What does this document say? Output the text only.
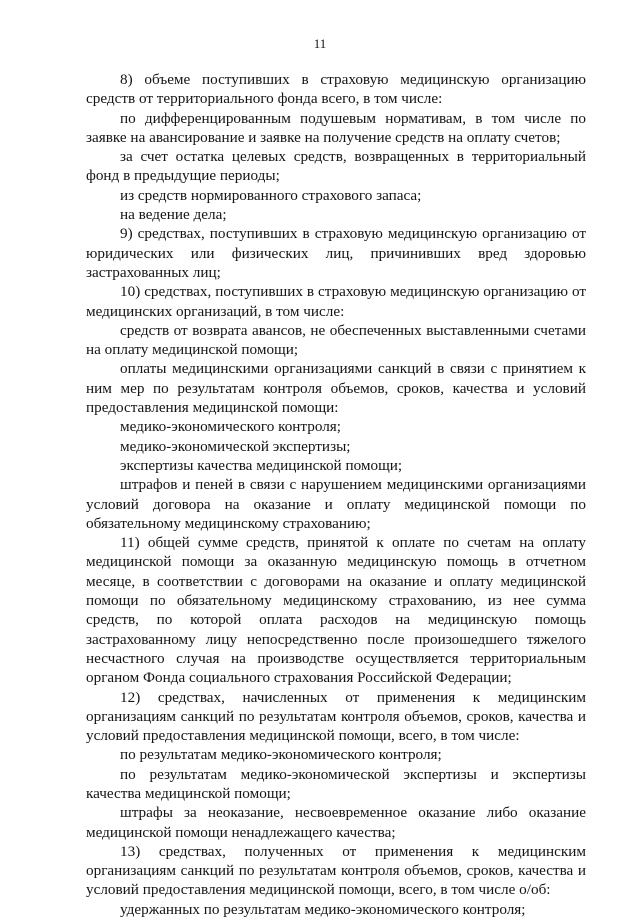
11

8) объеме поступивших в страховую медицинскую организацию средств от территориального фонда всего, в том числе:

по дифференцированным подушевым нормативам, в том числе по заявке на авансирование и заявке на получение средств на оплату счетов;

за счет остатка целевых средств, возвращенных в территориальный фонд в предыдущие периоды;

из средств нормированного страхового запаса;

на ведение дела;

9) средствах, поступивших в страховую медицинскую организацию от юридических или физических лиц, причинивших вред здоровью застрахованных лиц;

10) средствах, поступивших в страховую медицинскую организацию от медицинских организаций, в том числе:

средств от возврата авансов, не обеспеченных выставленными счетами на оплату медицинской помощи;

оплаты медицинскими организациями санкций в связи с принятием к ним мер по результатам контроля объемов, сроков, качества и условий предоставления медицинской помощи:

медико-экономического контроля;

медико-экономической экспертизы;

экспертизы качества медицинской помощи;

штрафов и пеней в связи с нарушением медицинскими организациями условий договора на оказание и оплату медицинской помощи по обязательному медицинскому страхованию;

11) общей сумме средств, принятой к оплате по счетам на оплату медицинской помощи за оказанную медицинскую помощь в отчетном месяце, в соответствии с договорами на оказание и оплату медицинской помощи по обязательному медицинскому страхованию, из нее сумма средств, по которой оплата расходов на медицинскую помощь застрахованному лицу непосредственно после произошедшего тяжелого несчастного случая на производстве осуществляется территориальным органом Фонда социального страхования Российской Федерации;

12) средствах, начисленных от применения к медицинским организациям санкций по результатам контроля объемов, сроков, качества и условий предоставления медицинской помощи, всего, в том числе:

по результатам медико-экономического контроля;

по результатам медико-экономической экспертизы и экспертизы качества медицинской помощи;

штрафы за неоказание, несвоевременное оказание либо оказание медицинской помощи ненадлежащего качества;

13) средствах, полученных от применения к медицинским организациям санкций по результатам контроля объемов, сроков, качества и условий предоставления медицинской помощи, всего, в том числе о/об:

удержанных по результатам медико-экономического контроля;
